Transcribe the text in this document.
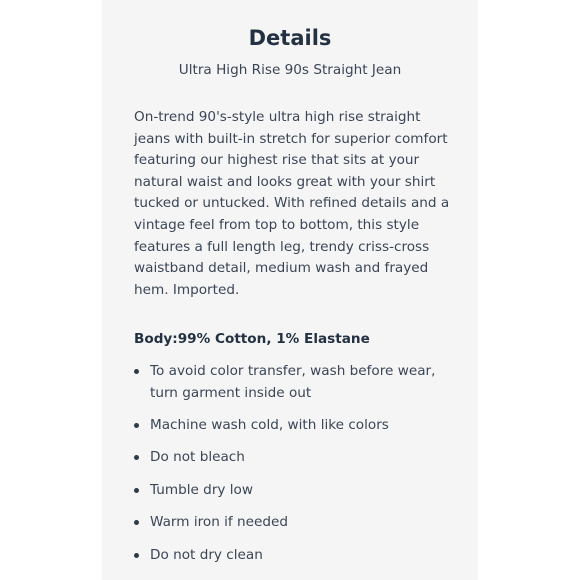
Details
Ultra High Rise 90s Straight Jean

On-trend 90's-style ultra high rise straight jeans with built-in stretch for superior comfort featuring our highest rise that sits at your natural waist and looks great with your shirt tucked or untucked. With refined details and a vintage feel from top to bottom, this style features a full length leg, trendy criss-cross waistband detail, medium wash and frayed hem. Imported.

Body:99% Cotton, 1% Elastane
To avoid color transfer, wash before wear, turn garment inside out
Machine wash cold, with like colors
Do not bleach
Tumble dry low
Warm iron if needed
Do not dry clean
